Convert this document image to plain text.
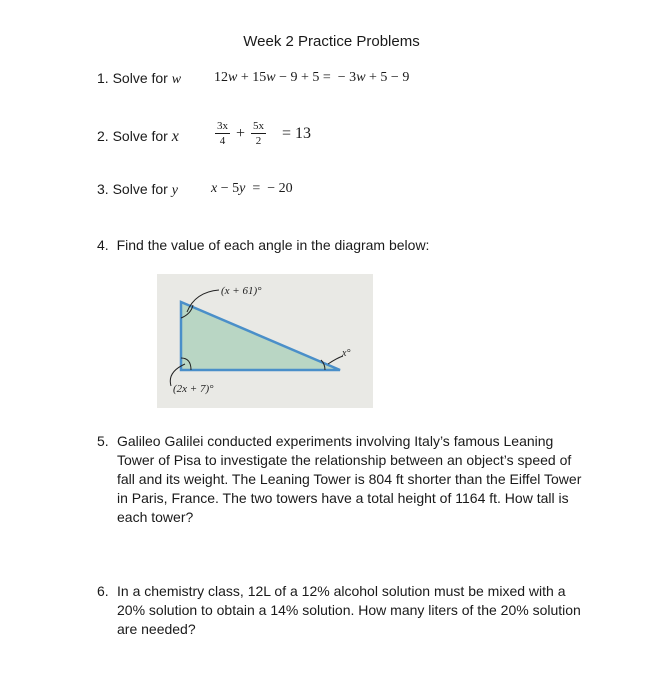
Week 2 Practice Problems
1. Solve for w 12w + 15w − 9 + 5 = − 3w + 5 − 9
2. Solve for x	$\frac{3x}{4} + \frac{5x}{2} = 13$
3. Solve for y x − 5y =  − 20
4. Find the value of each angle in the diagram below:
(x + 61)°
(2x + 7)°
x°
5. Galileo Galilei conducted experiments involving Italy’s famous Leaning
Tower of Pisa to investigate the relationship between an object’s speed of
fall and its weight. The Leaning Tower is 804 ft shorter than the Eiffel Tower
in Paris, France. The two towers have a total height of 1164 ft. How tall is
each tower?
6. In a chemistry class, 12L of a 12% alcohol solution must be mixed with a
20% solution to obtain a 14% solution. How many liters of the 20% solution
are needed?
